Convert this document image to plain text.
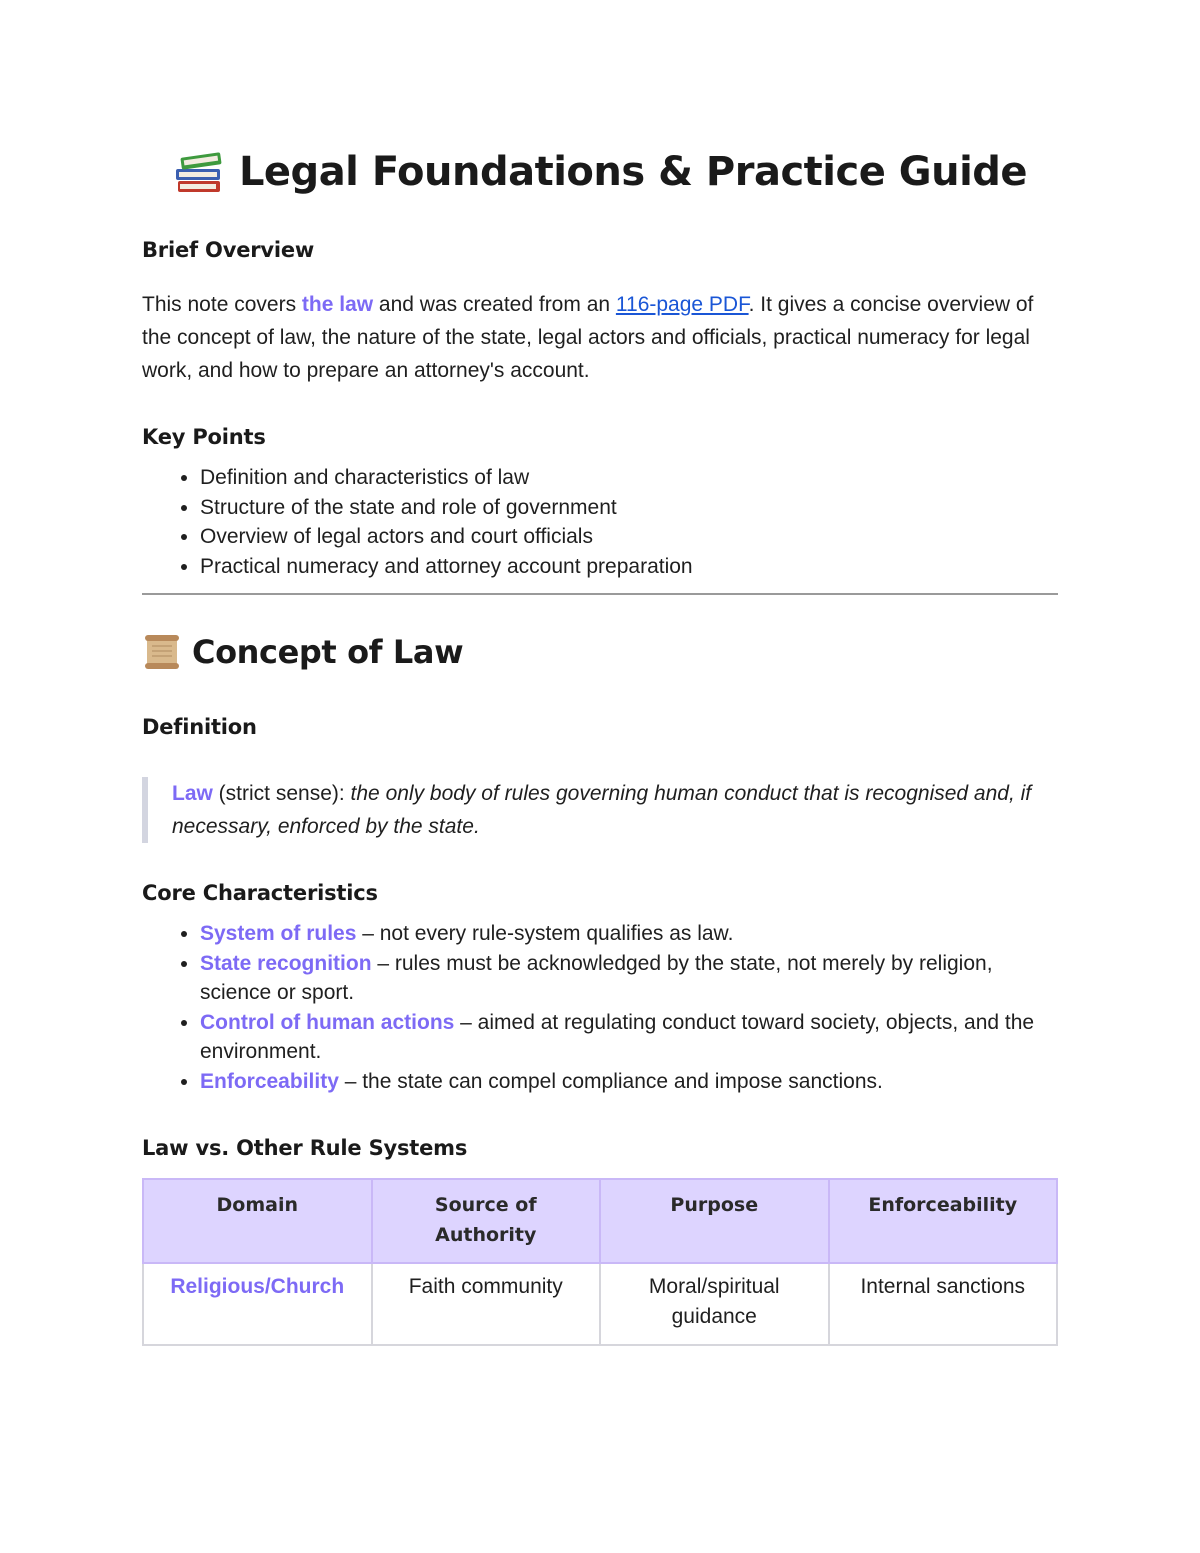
Legal Foundations & Practice Guide
Brief Overview

This note covers the law and was created from an 116-page PDF. It gives a concise overview of the concept of law, the nature of the state, legal actors and officials, practical numeracy for legal work, and how to prepare an attorney's account.

Key Points
• Definition and characteristics of law
• Structure of the state and role of government
• Overview of legal actors and court officials
• Practical numeracy and attorney account preparation
Concept of Law
Definition
Law (strict sense): the only body of rules governing human conduct that is recognised and, if necessary, enforced by the state.
Core Characteristics
• System of rules – not every rule-system qualifies as law.
• State recognition – rules must be acknowledged by the state, not merely by religion, science or sport.
• Control of human actions – aimed at regulating conduct toward society, objects, and the environment.
• Enforceability – the state can compel compliance and impose sanctions.
Law vs. Other Rule Systems
Domain	Source of Authority	Purpose	Enforceability
Religious/Church	Faith community	Moral/spiritual guidance	Internal sanctions
